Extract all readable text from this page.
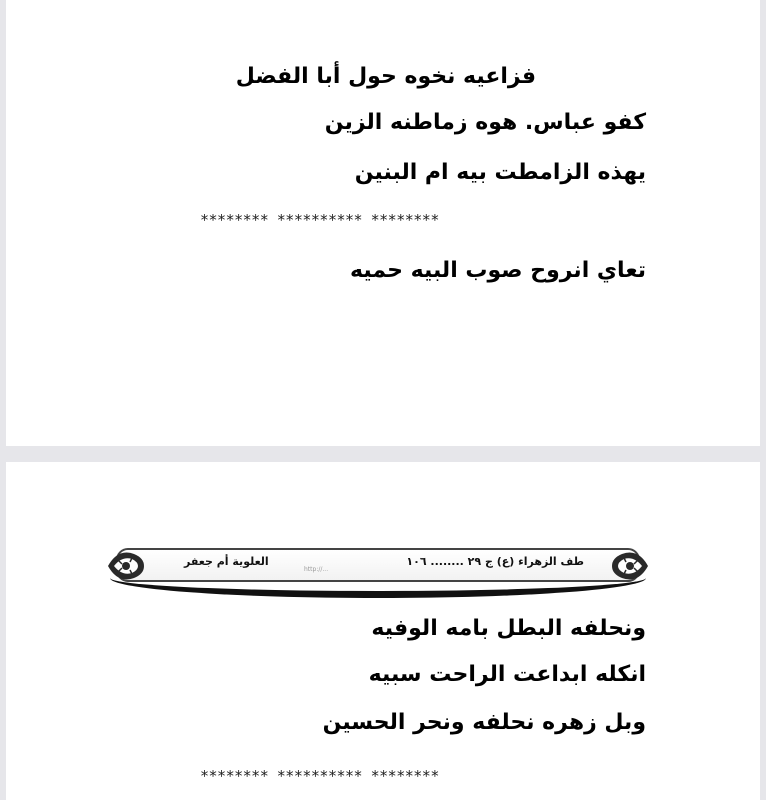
فزاعيه نخوه حول أبا الفضل
كفو عباس. هوه زماطنه الزين
يهذه الزامطت بيه ام البنين
******** ********** ********
تعاي انروح صوب البيه حميه
طف الزهراء (ع) ج ٢٩ ........ ١٠٦
العلوية أم جعفر
http://...
ونحلفه البطل بامه الوفيه
انكله ابداعت الراحت سبيه
وبل زهره نحلفه ونحر الحسين
******** ********** ********
